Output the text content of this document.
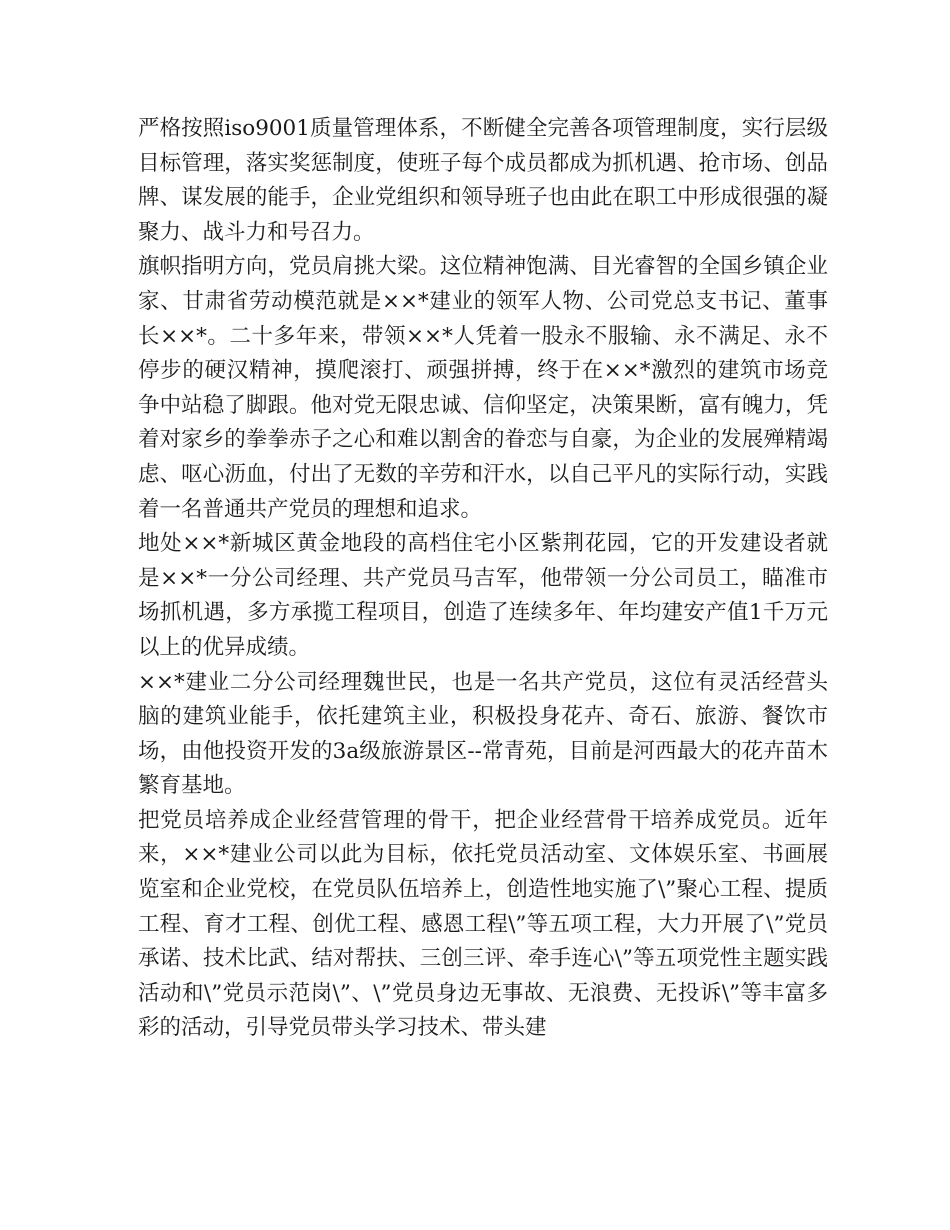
严格按照iso9001质量管理体系，不断健全完善各项管理制度，实行层级目标管理，落实奖惩制度，使班子每个成员都成为抓机遇、抢市场、创品牌、谋发展的能手，企业党组织和领导班子也由此在职工中形成很强的凝聚力、战斗力和号召力。

旗帜指明方向，党员肩挑大梁。这位精神饱满、目光睿智的全国乡镇企业家、甘肃省劳动模范就是××*建业的领军人物、公司党总支书记、董事长××*。二十多年来，带领××*人凭着一股永不服输、永不满足、永不停步的硬汉精神，摸爬滚打、顽强拼搏，终于在××*激烈的建筑市场竞争中站稳了脚跟。他对党无限忠诚、信仰坚定，决策果断，富有魄力，凭着对家乡的拳拳赤子之心和难以割舍的眷恋与自豪，为企业的发展殚精竭虑、呕心沥血，付出了无数的辛劳和汗水，以自己平凡的实际行动，实践着一名普通共产党员的理想和追求。

地处××*新城区黄金地段的高档住宅小区紫荆花园，它的开发建设者就是××*一分公司经理、共产党员马吉军，他带领一分公司员工，瞄准市场抓机遇，多方承揽工程项目，创造了连续多年、年均建安产值1千万元以上的优异成绩。

××*建业二分公司经理魏世民，也是一名共产党员，这位有灵活经营头脑的建筑业能手，依托建筑主业，积极投身花卉、奇石、旅游、餐饮市场，由他投资开发的3a级旅游景区--常青苑，目前是河西最大的花卉苗木繁育基地。

把党员培养成企业经营管理的骨干，把企业经营骨干培养成党员。近年来，××*建业公司以此为目标，依托党员活动室、文体娱乐室、书画展览室和企业党校，在党员队伍培养上，创造性地实施了\”聚心工程、提质工程、育才工程、创优工程、感恩工程\”等五项工程，大力开展了\”党员承诺、技术比武、结对帮扶、三创三评、牵手连心\”等五项党性主题实践活动和\”党员示范岗\”、\”党员身边无事故、无浪费、无投诉\”等丰富多彩的活动，引导党员带头学习技术、带头建
